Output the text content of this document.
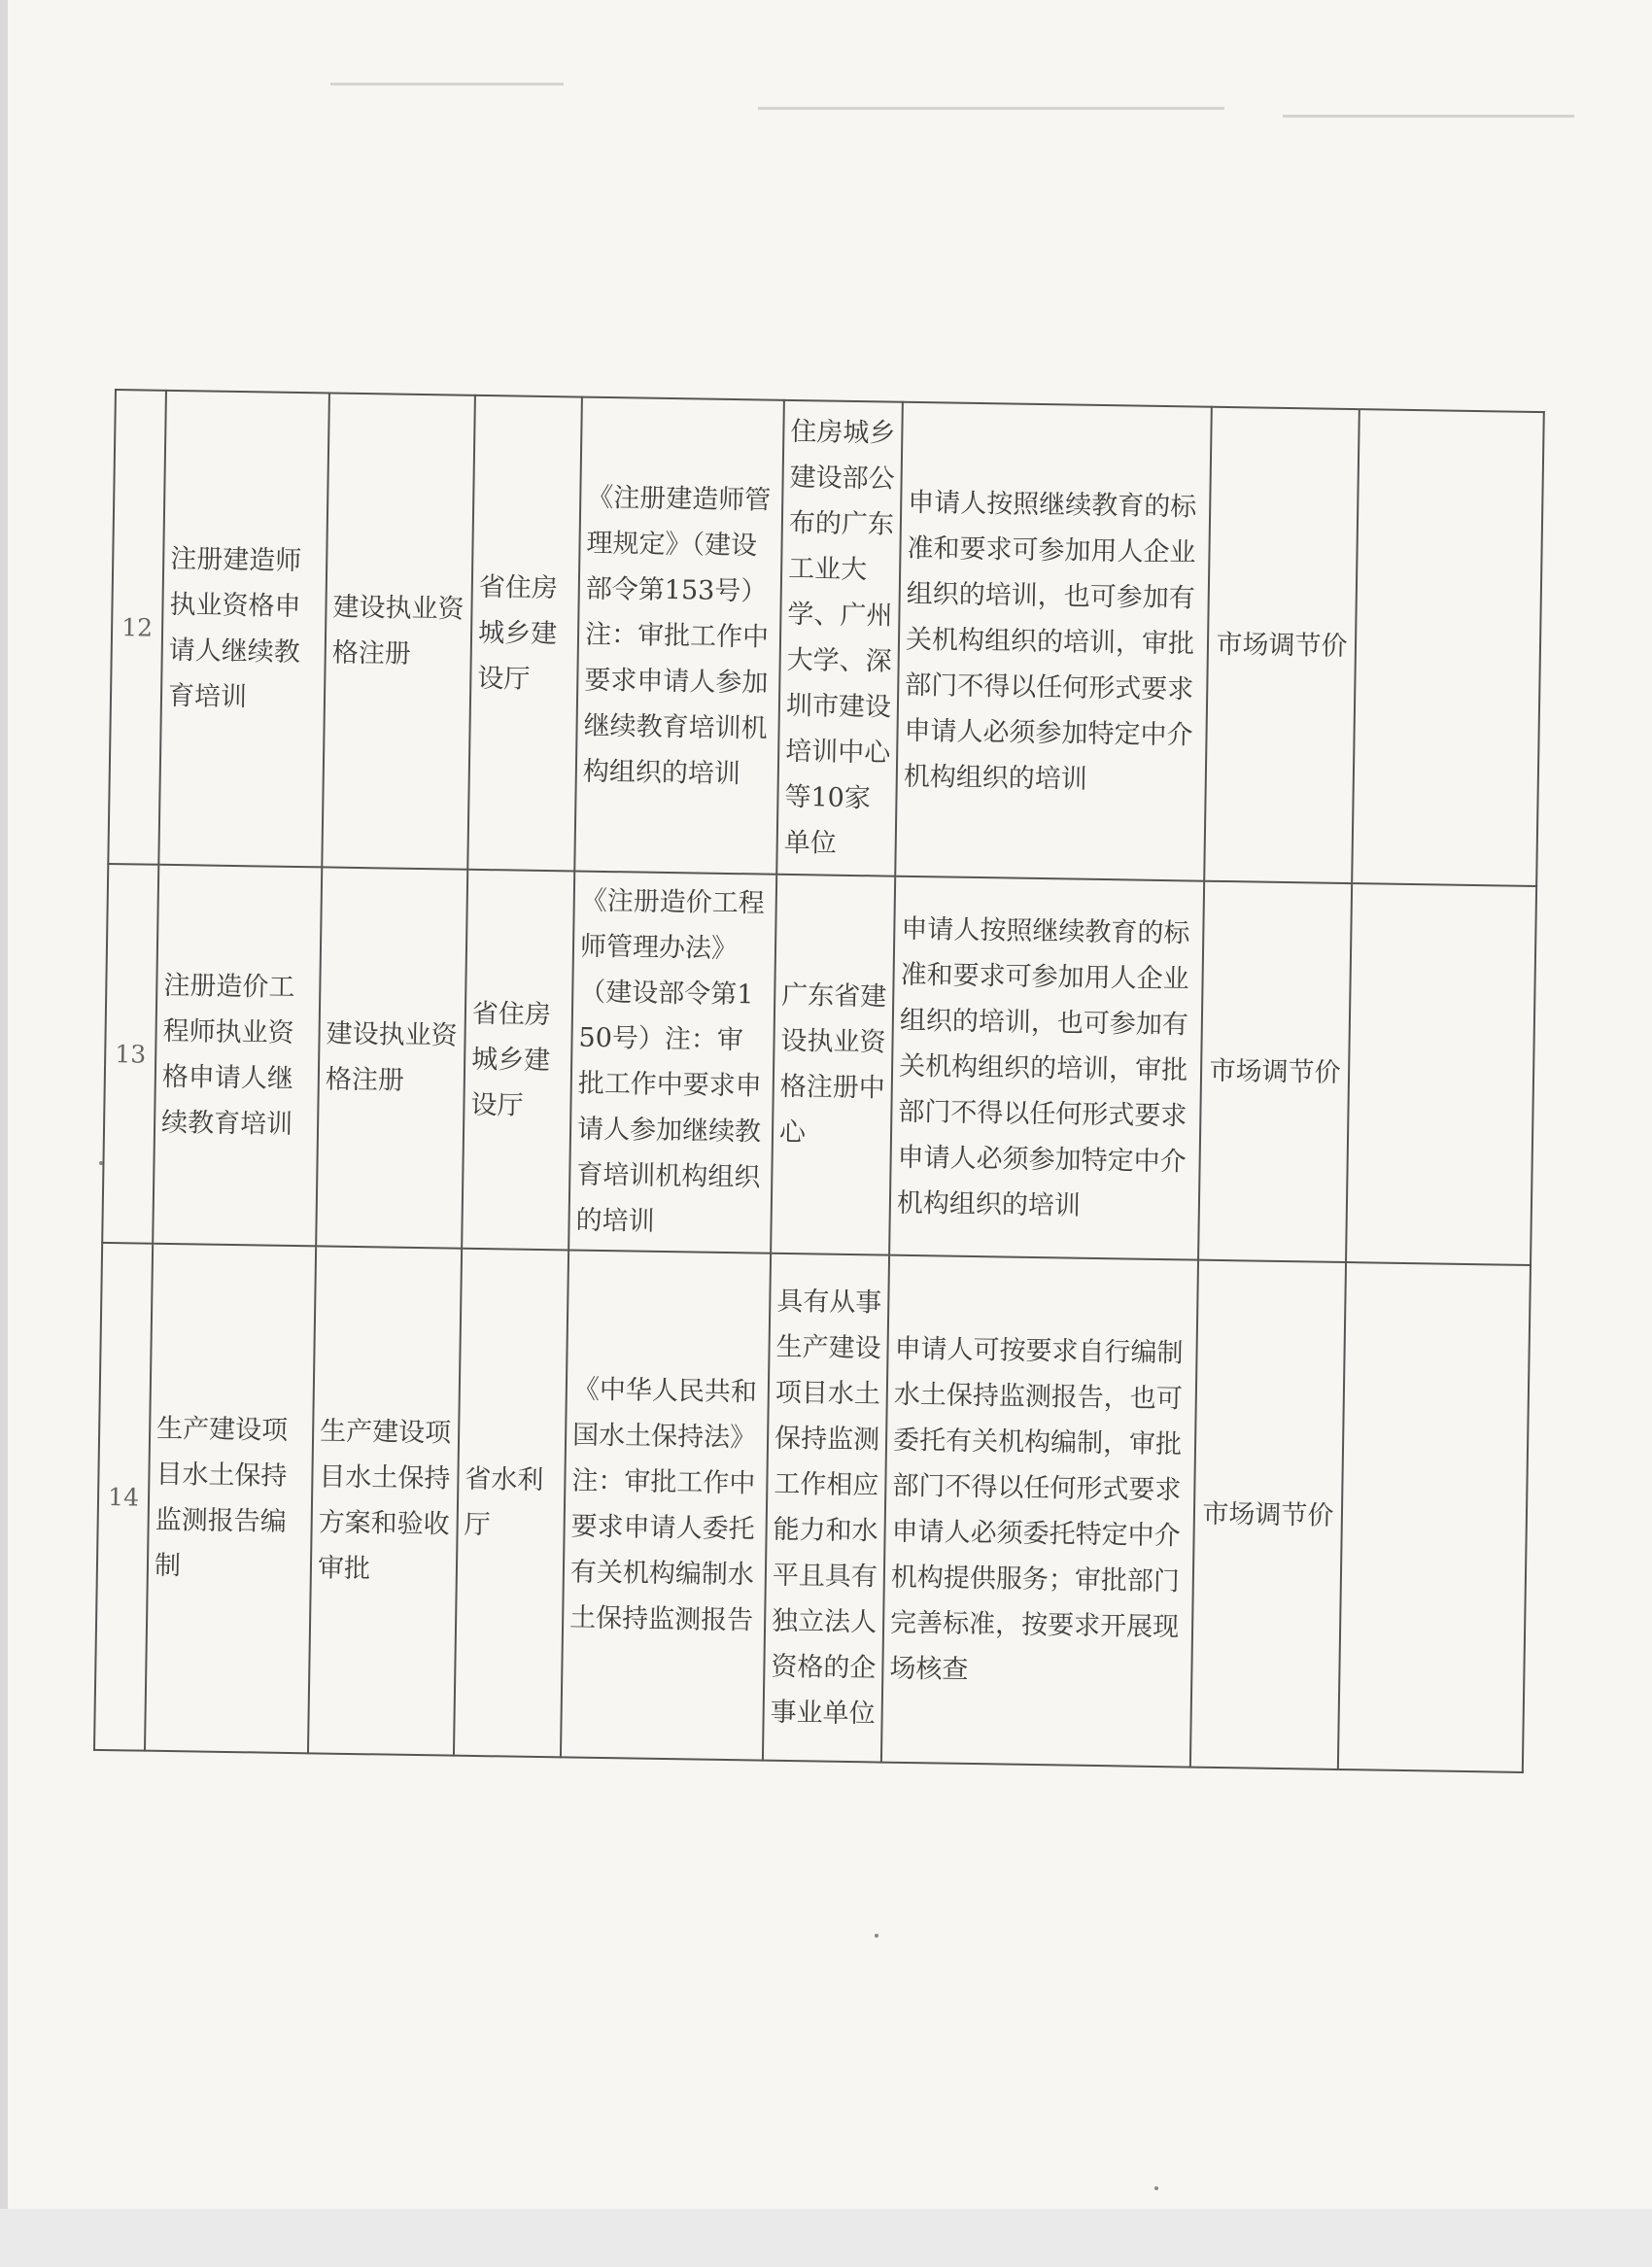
12	注册建造师执业资格申请人继续教育培训	建设执业资格注册	省住房城乡建设厅	《注册建造师管理规定》（建设部令第153号）注：审批工作中要求申请人参加继续教育培训机构组织的培训	住房城乡建设部公布的广东工业大学、广州大学、深圳市建设培训中心等10家单位	申请人按照继续教育的标准和要求可参加用人企业组织的培训，也可参加有关机构组织的培训，审批部门不得以任何形式要求申请人必须参加特定中介机构组织的培训	市场调节价	
13	注册造价工程师执业资格申请人继续教育培训	建设执业资格注册	省住房城乡建设厅	《注册造价工程师管理办法》（建设部令第150号）注：审批工作中要求申请人参加继续教育培训机构组织的培训	广东省建设执业资格注册中心	申请人按照继续教育的标准和要求可参加用人企业组织的培训，也可参加有关机构组织的培训，审批部门不得以任何形式要求申请人必须参加特定中介机构组织的培训	市场调节价	
14	生产建设项目水土保持监测报告编制	生产建设项目水土保持方案和验收审批	省水利厅	《中华人民共和国水土保持法》注：审批工作中要求申请人委托有关机构编制水土保持监测报告	具有从事生产建设项目水土保持监测工作相应能力和水平且具有独立法人资格的企事业单位	申请人可按要求自行编制水土保持监测报告，也可委托有关机构编制，审批部门不得以任何形式要求申请人必须委托特定中介机构提供服务；审批部门完善标准，按要求开展现场核查	市场调节价	
